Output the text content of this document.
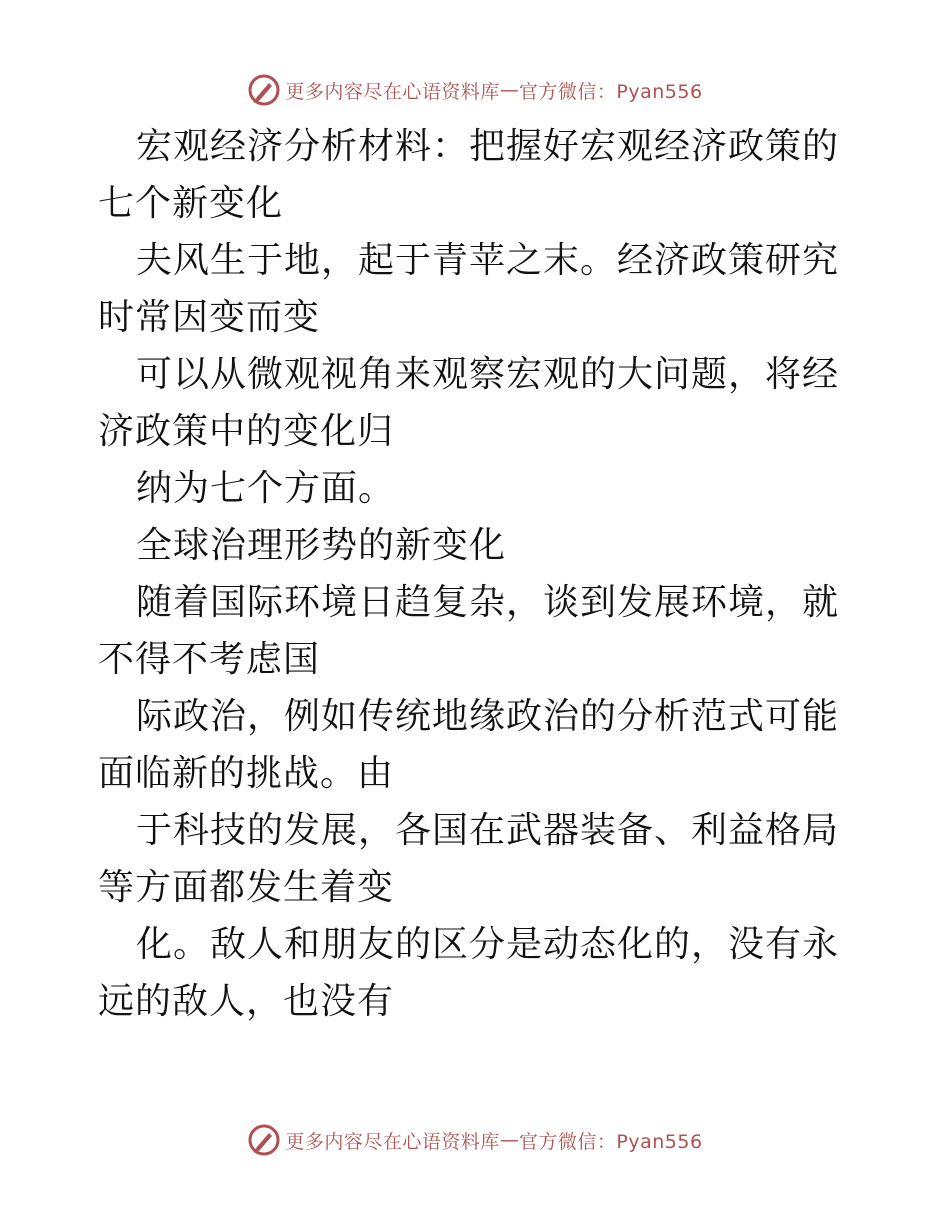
更多内容尽在心语资料库 — 官方微信：Pyan556

宏观经济分析材料：把握好宏观经济政策的七个新变化

夫风生于地，起于青苹之末。经济政策研究时常因变而变

可以从微观视角来观察宏观的大问题，将经济政策中的变化归

纳为七个方面。

全球治理形势的新变化

随着国际环境日趋复杂，谈到发展环境，就不得不考虑国

际政治，例如传统地缘政治的分析范式可能面临新的挑战。由

于科技的发展，各国在武器装备、利益格局等方面都发生着变

化。敌人和朋友的区分是动态化的，没有永远的敌人，也没有

更多内容尽在心语资料库 — 官方微信：Pyan556
